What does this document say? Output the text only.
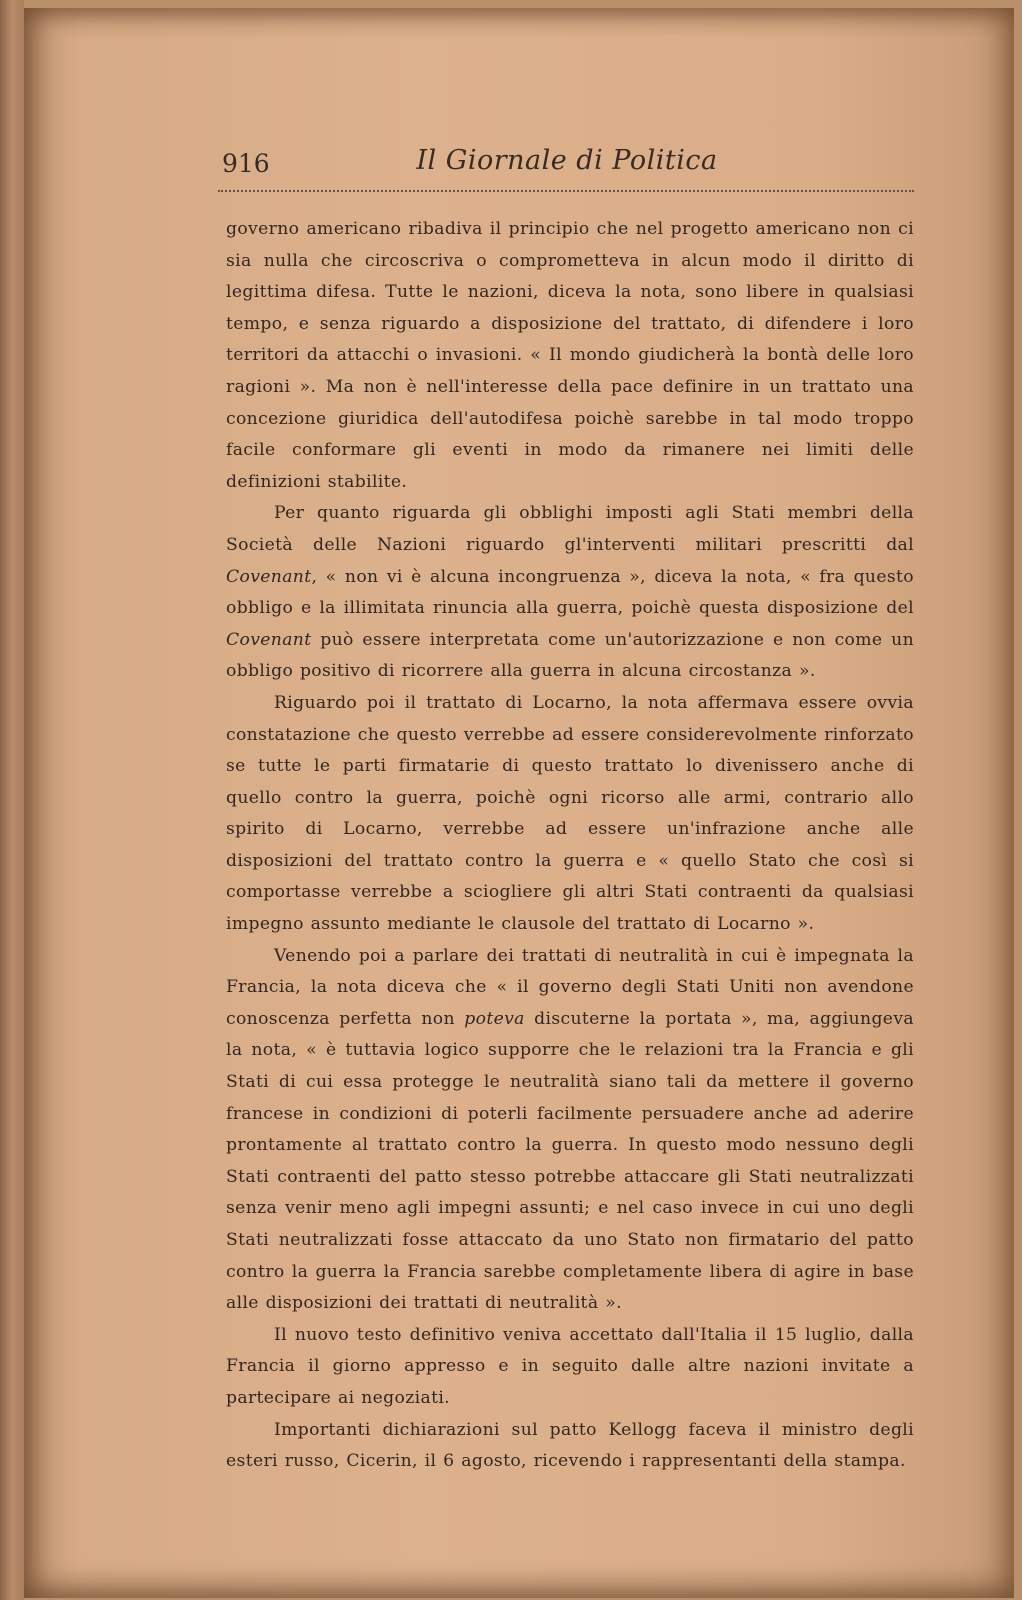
916	Il Giornale di Politica

governo americano ribadiva il principio che nel progetto americano non ci sia nulla che circoscriva o comprometteva in alcun modo il diritto di legittima difesa. Tutte le nazioni, diceva la nota, sono libere in qualsiasi tempo, e senza riguardo a disposizione del trattato, di difendere i loro territori da attacchi o invasioni. « Il mondo giudicherà la bontà delle loro ragioni ». Ma non è nell'interesse della pace definire in un trattato una concezione giuridica dell'autodifesa poichè sarebbe in tal modo troppo facile conformare gli eventi in modo da rimanere nei limiti delle definizioni stabilite.

Per quanto riguarda gli obblighi imposti agli Stati membri della Società delle Nazioni riguardo gl'interventi militari prescritti dal Covenant, « non vi è alcuna incongruenza », diceva la nota, « fra questo obbligo e la illimitata rinuncia alla guerra, poichè questa disposizione del Covenant può essere interpretata come un'autorizzazione e non come un obbligo positivo di ricorrere alla guerra in alcuna circostanza ».

Riguardo poi il trattato di Locarno, la nota affermava essere ovvia constatazione che questo verrebbe ad essere considerevolmente rinforzato se tutte le parti firmatarie di questo trattato lo divenissero anche di quello contro la guerra, poichè ogni ricorso alle armi, contrario allo spirito di Locarno, verrebbe ad essere un'infrazione anche alle disposizioni del trattato contro la guerra e « quello Stato che così si comportasse verrebbe a sciogliere gli altri Stati contraenti da qualsiasi impegno assunto mediante le clausole del trattato di Locarno ».

Venendo poi a parlare dei trattati di neutralità in cui è impegnata la Francia, la nota diceva che « il governo degli Stati Uniti non avendone conoscenza perfetta non poteva discuterne la portata », ma, aggiungeva la nota, « è tuttavia logico supporre che le relazioni tra la Francia e gli Stati di cui essa protegge le neutralità siano tali da mettere il governo francese in condizioni di poterli facilmente persuadere anche ad aderire prontamente al trattato contro la guerra. In questo modo nessuno degli Stati contraenti del patto stesso potrebbe attaccare gli Stati neutralizzati senza venir meno agli impegni assunti; e nel caso invece in cui uno degli Stati neutralizzati fosse attaccato da uno Stato non firmatario del patto contro la guerra la Francia sarebbe completamente libera di agire in base alle disposizioni dei trattati di neutralità ».

Il nuovo testo definitivo veniva accettato dall'Italia il 15 luglio, dalla Francia il giorno appresso e in seguito dalle altre nazioni invitate a partecipare ai negoziati.

Importanti dichiarazioni sul patto Kellogg faceva il ministro degli esteri russo, Cicerin, il 6 agosto, ricevendo i rappresentanti della stampa.
